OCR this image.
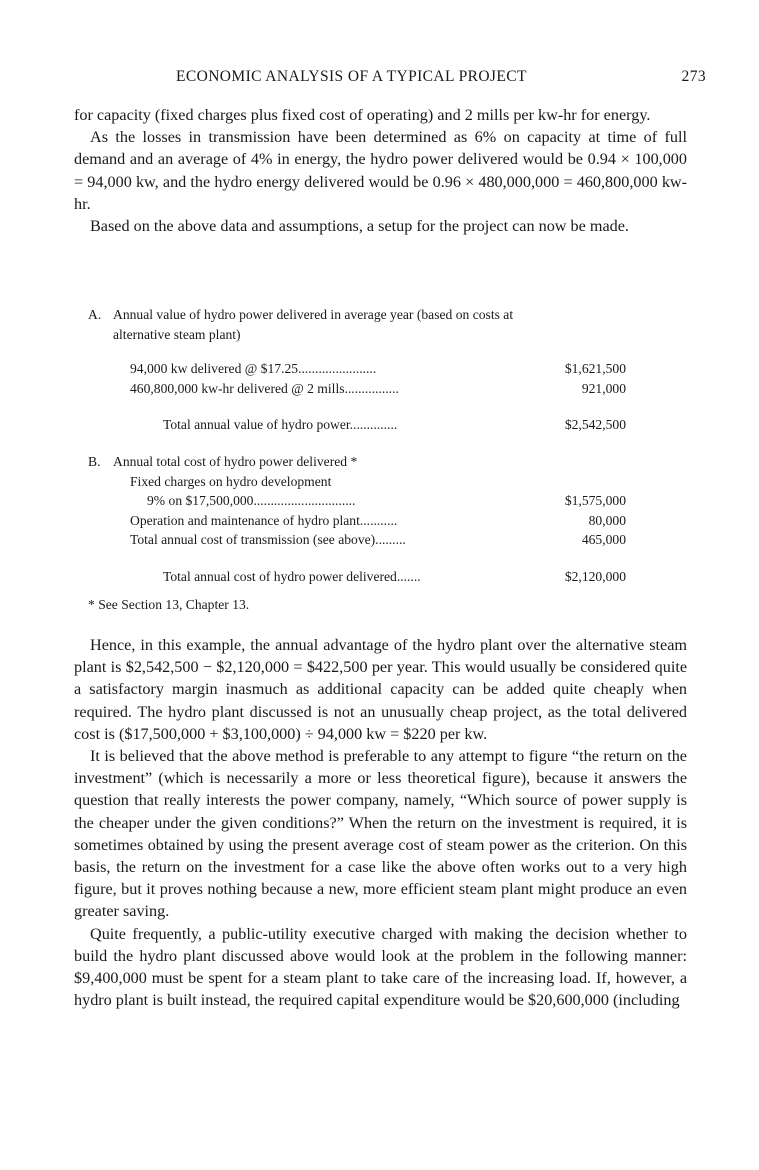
ECONOMIC ANALYSIS OF A TYPICAL PROJECT	273

for capacity (fixed charges plus fixed cost of operating) and 2 mills per kw-hr for energy.

As the losses in transmission have been determined as 6% on capacity at time of full demand and an average of 4% in energy, the hydro power delivered would be 0.94 × 100,000 = 94,000 kw, and the hydro energy delivered would be 0.96 × 480,000,000 = 460,800,000 kw-hr.

Based on the above data and assumptions, a setup for the project can now be made.

A. Annual value of hydro power delivered in average year (based on costs at
alternative steam plant)
94,000 kw delivered @ $17.25.......................	$1,621,500
460,800,000 kw-hr delivered @ 2 mills................	921,000
Total annual value of hydro power..............	$2,542,500
B. Annual total cost of hydro power delivered *
Fixed charges on hydro development
9% on $17,500,000..............................	$1,575,000
Operation and maintenance of hydro plant...........	80,000
Total annual cost of transmission (see above).........	465,000
Total annual cost of hydro power delivered.......	$2,120,000
* See Section 13, Chapter 13.

Hence, in this example, the annual advantage of the hydro plant over the alternative steam plant is $2,542,500 − $2,120,000 = $422,500 per year. This would usually be considered quite a satisfactory margin inasmuch as additional capacity can be added quite cheaply when required. The hydro plant discussed is not an unusually cheap project, as the total delivered cost is ($17,500,000 + $3,100,000) ÷ 94,000 kw = $220 per kw.

It is believed that the above method is preferable to any attempt to figure “the return on the investment” (which is necessarily a more or less theoretical figure), because it answers the question that really interests the power company, namely, “Which source of power supply is the cheaper under the given conditions?” When the return on the investment is required, it is sometimes obtained by using the present average cost of steam power as the criterion. On this basis, the return on the investment for a case like the above often works out to a very high figure, but it proves nothing because a new, more efficient steam plant might produce an even greater saving.

Quite frequently, a public-utility executive charged with making the decision whether to build the hydro plant discussed above would look at the problem in the following manner: $9,400,000 must be spent for a steam plant to take care of the increasing load. If, however, a hydro plant is built instead, the required capital expenditure would be $20,600,000 (including
